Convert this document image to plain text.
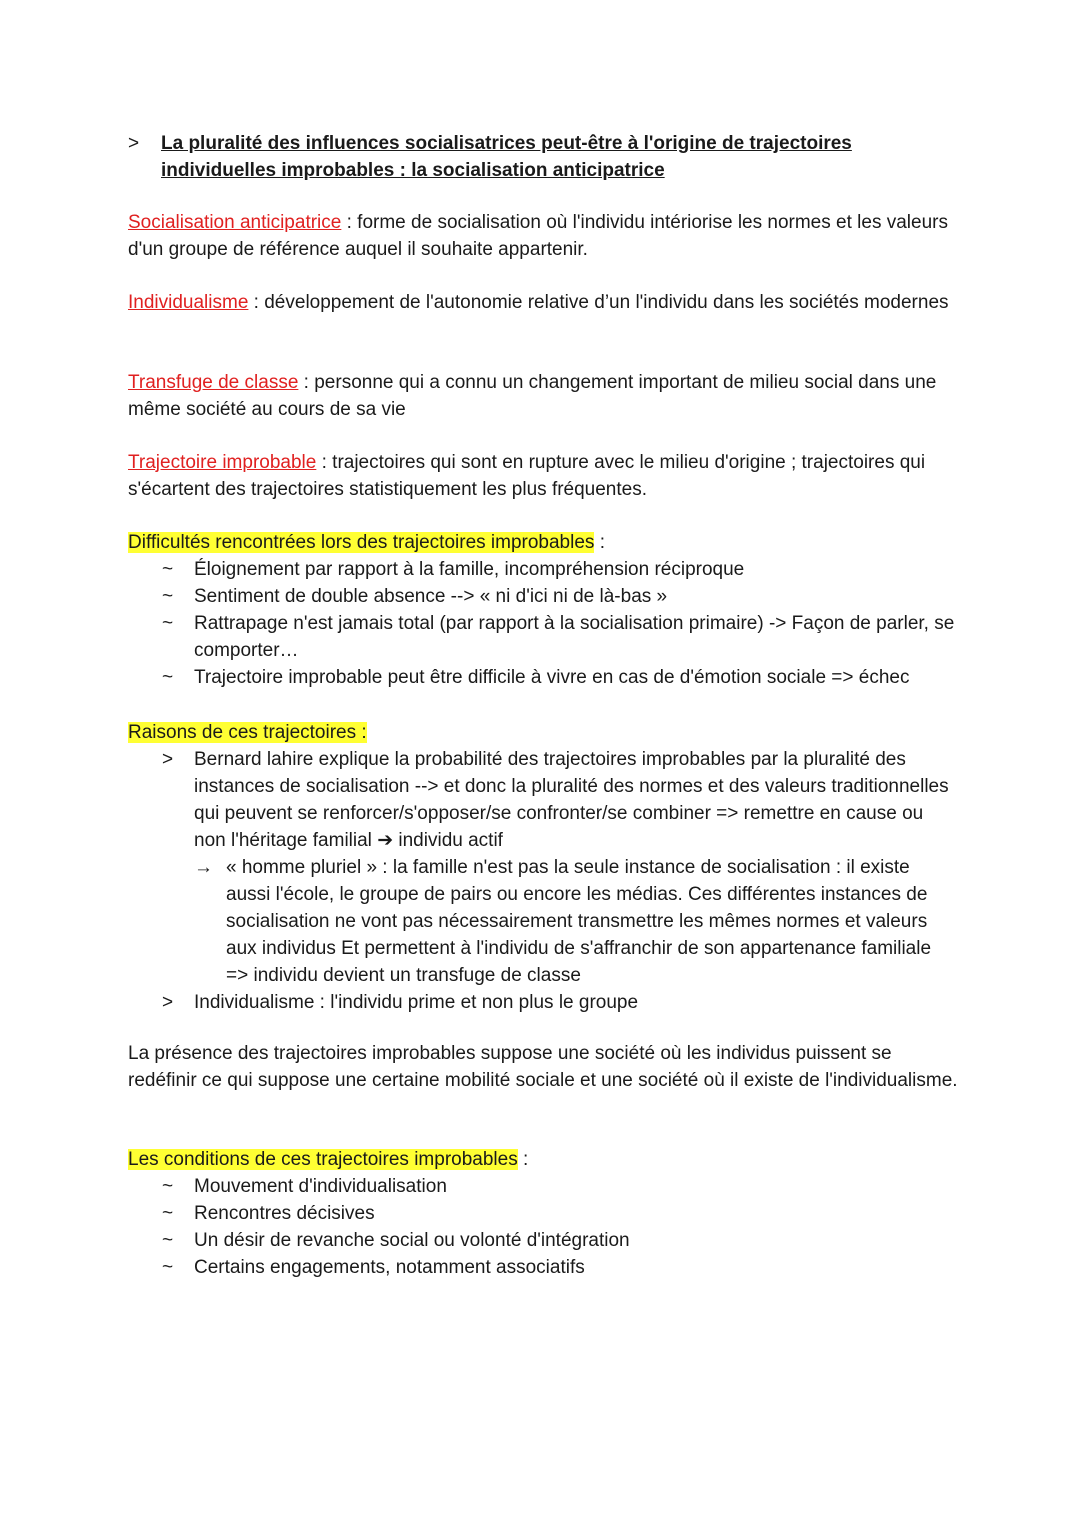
>	La pluralité des influences socialisatrices peut-être à l'origine de trajectoires individuelles improbables : la socialisation anticipatrice
Socialisation anticipatrice : forme de socialisation où l'individu intériorise les normes et les valeurs d'un groupe de référence auquel il souhaite appartenir.
Individualisme : développement de l'autonomie relative d’un l'individu dans les sociétés modernes
Transfuge de classe : personne qui a connu un changement important de milieu social dans une même société au cours de sa vie
Trajectoire improbable : trajectoires qui sont en rupture avec le milieu d'origine ; trajectoires qui s'écartent des trajectoires statistiquement les plus fréquentes.
Difficultés rencontrées lors des trajectoires improbables :
~	Éloignement par rapport à la famille, incompréhension réciproque
~	Sentiment de double absence --> « ni d'ici ni de là-bas »
~	Rattrapage n'est jamais total (par rapport à la socialisation primaire) -> Façon de parler, se comporter…
~	Trajectoire improbable peut être difficile à vivre en cas de d'émotion sociale => échec
Raisons de ces trajectoires :
>	Bernard lahire explique la probabilité des trajectoires improbables par la pluralité des instances de socialisation --> et donc la pluralité des normes et des valeurs traditionnelles qui peuvent se renforcer/s'opposer/se confronter/se combiner => remettre en cause ou non l'héritage familial ➔ individu actif
→ « homme pluriel » : la famille n'est pas la seule instance de socialisation : il existe aussi l'école, le groupe de pairs ou encore les médias. Ces différentes instances de socialisation ne vont pas nécessairement transmettre les mêmes normes et valeurs aux individus Et permettent à l'individu de s'affranchir de son appartenance familiale => individu devient un transfuge de classe
>	Individualisme : l'individu prime et non plus le groupe
La présence des trajectoires improbables suppose une société où les individus puissent se redéfinir ce qui suppose une certaine mobilité sociale et une société où il existe de l'individualisme.
Les conditions de ces trajectoires improbables :
~	Mouvement d'individualisation
~	Rencontres décisives
~	Un désir de revanche social ou volonté d'intégration
~	Certains engagements, notamment associatifs
